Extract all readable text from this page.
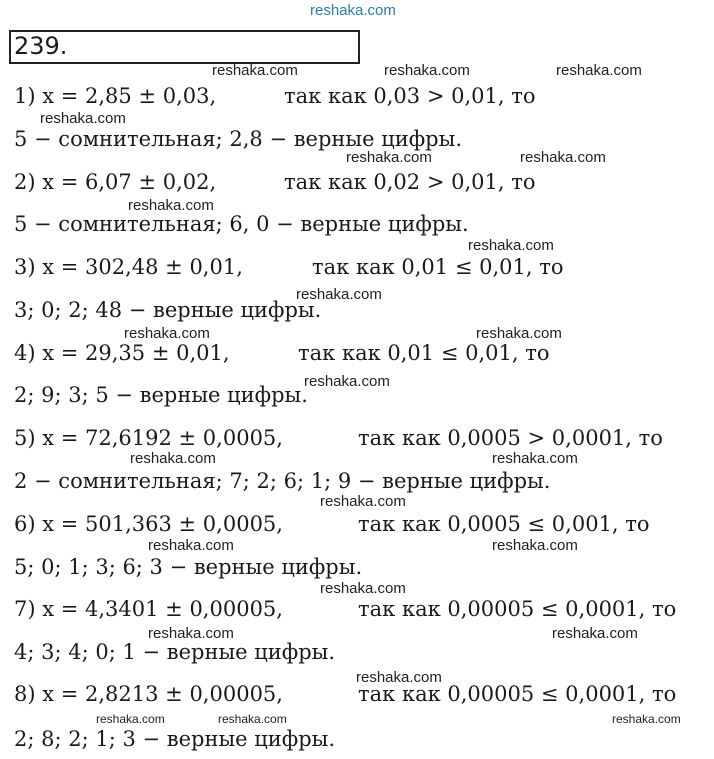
reshaka.com
239.
reshaka.com	reshaka.com	reshaka.com
reshaka.com
reshaka.com	reshaka.com
reshaka.com
reshaka.com
reshaka.com
reshaka.com	reshaka.com
reshaka.com
reshaka.com	reshaka.com
reshaka.com
reshaka.com	reshaka.com
reshaka.com
reshaka.com	reshaka.com
reshaka.com
reshaka.com	reshaka.com	reshaka.com
1) x = 2,85 ± 0,03,	так как 0,03 > 0,01, то
5 − сомнительная; 2,8 − верные цифры.
2) x = 6,07 ± 0,02,	так как 0,02 > 0,01, то
5 − сомнительная; 6, 0 − верные цифры.
3) x = 302,48 ± 0,01,	так как 0,01 ≤ 0,01, то
3; 0; 2; 48 − верные цифры.
4) x = 29,35 ± 0,01,	так как 0,01 ≤ 0,01, то
2; 9; 3; 5 − верные цифры.
5) x = 72,6192 ± 0,0005,	так как 0,0005 > 0,0001, то
2 − сомнительная; 7; 2; 6; 1; 9 − верные цифры.
6) x = 501,363 ± 0,0005,	так как 0,0005 ≤ 0,001, то
5; 0; 1; 3; 6; 3 − верные цифры.
7) x = 4,3401 ± 0,00005,	так как 0,00005 ≤ 0,0001, то
4; 3; 4; 0; 1 − верные цифры.
8) x = 2,8213 ± 0,00005,	так как 0,00005 ≤ 0,0001, то
2; 8; 2; 1; 3 − верные цифры.
